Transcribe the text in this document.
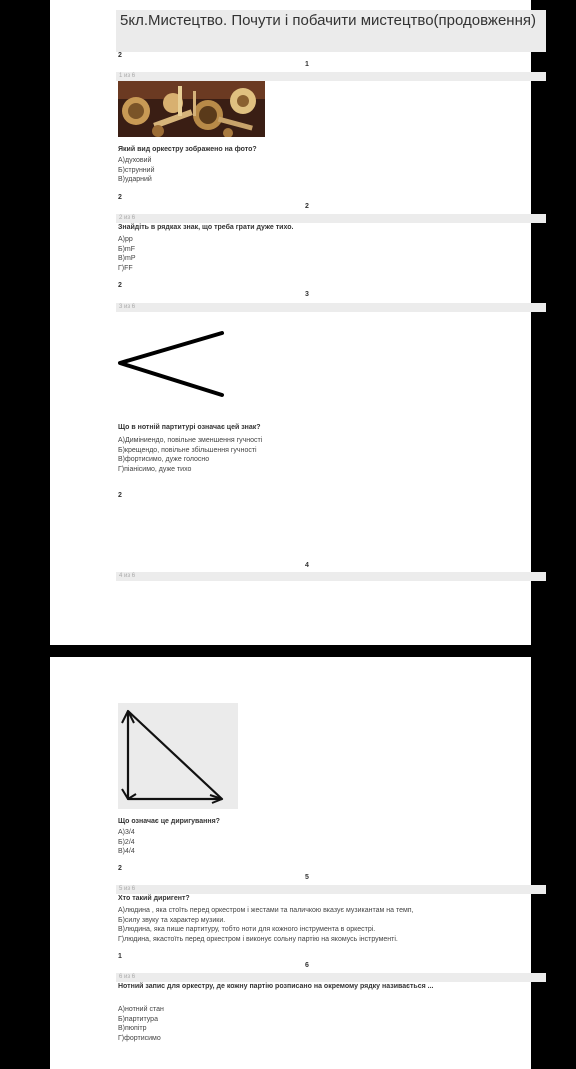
5кл.Мистецтво. Почути і побачити мистецтво(продовження)
2
1
1 из 6
Який вид оркестру зображено на фото?
А)духовий
Б)струнний
В)ударний
2
2
2 из 6
Знайдіть в рядках знак, що треба грати дуже тихо.
А)pp
Б)mF
В)mP
Г)FF
2
3
3 из 6
Що в нотній партитурі означає цей знак?
А)Диміниендо, повільне зменшення гучності
Б)крещендо, повільне збільшення гучності
В)фортисимо, дуже голосно
Г)піанісимо, дуже тихо
2
4
4 из 6
Що означає це диригування?
А)3/4
Б)2/4
В)4/4
2
5
5 из 6
Хто такий диригент?
А)людина , яка стоїть перед оркестром і жестами та паличкою вказує музикантам на темп,
Б)силу звуку та характер музики.
В)людина, яка пише партитуру, тобто ноти для кожного інструмента в оркестрі.
Г)людина, якастоїть перед оркестром і виконує сольну партію на якомусь інструменті.
1
6
6 из 6
Нотний запис для оркестру, де кожну партію розписано на окремому рядку називається ...
А)нотний стан
Б)партитура
В)пюпітр
Г)фортисимо
